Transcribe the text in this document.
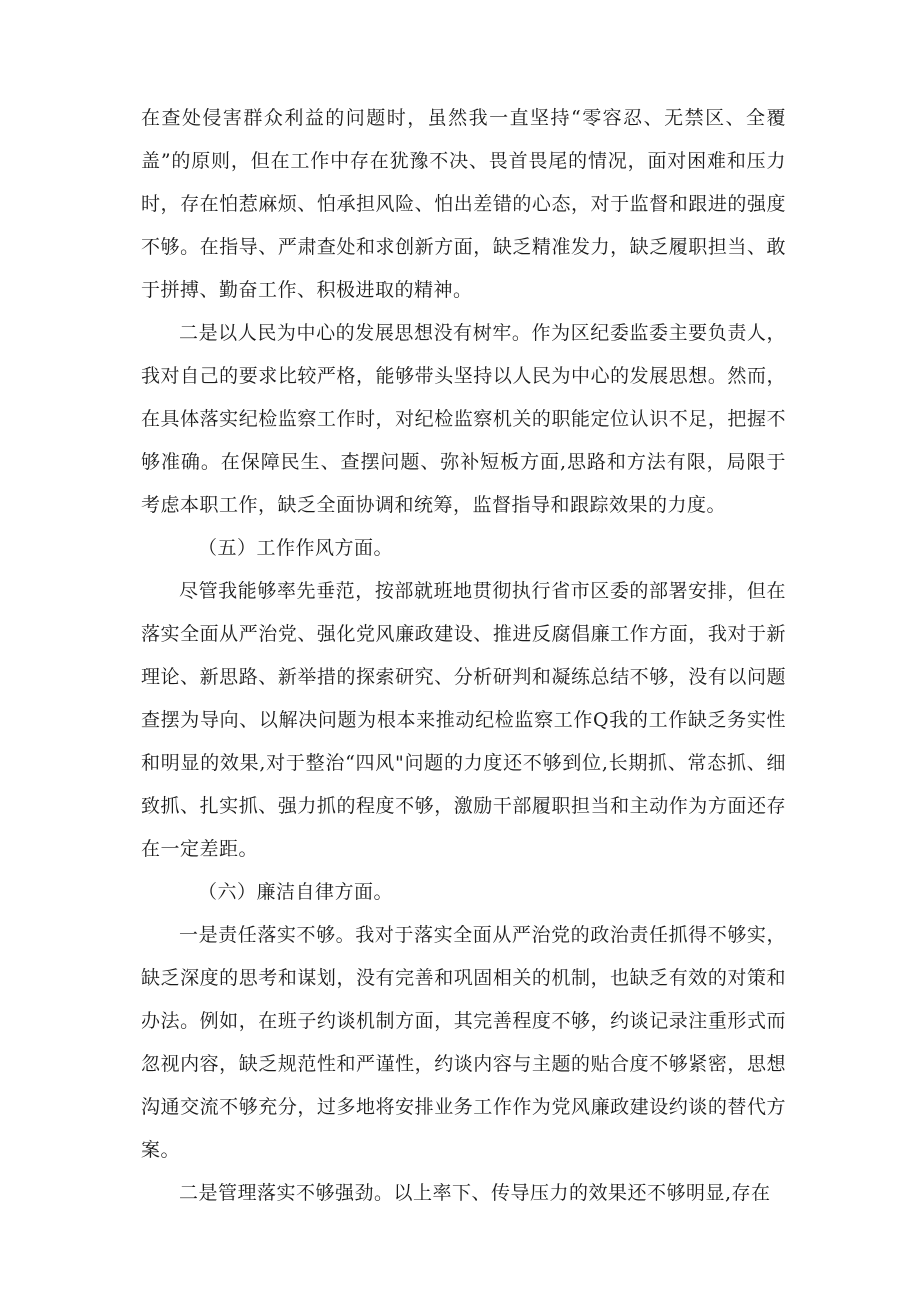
在查处侵害群众利益的问题时，虽然我一直坚持“零容忍、无禁区、全覆盖”的原则，但在工作中存在犹豫不决、畏首畏尾的情况，面对困难和压力时，存在怕惹麻烦、怕承担风险、怕出差错的心态，对于监督和跟进的强度不够。在指导、严肃查处和求创新方面，缺乏精准发力，缺乏履职担当、敢于拼搏、勤奋工作、积极进取的精神。

二是以人民为中心的发展思想没有树牢。作为区纪委监委主要负责人，我对自己的要求比较严格，能够带头坚持以人民为中心的发展思想。然而，在具体落实纪检监察工作时，对纪检监察机关的职能定位认识不足，把握不够准确。在保障民生、查摆问题、弥补短板方面,思路和方法有限，局限于考虑本职工作，缺乏全面协调和统筹，监督指导和跟踪效果的力度。

（五）工作作风方面。

尽管我能够率先垂范，按部就班地贯彻执行省市区委的部署安排，但在落实全面从严治党、强化党风廉政建设、推进反腐倡廉工作方面，我对于新理论、新思路、新举措的探索研究、分析研判和凝练总结不够，没有以问题查摆为导向、以解决问题为根本来推动纪检监察工作Q我的工作缺乏务实性和明显的效果,对于整治“四风"问题的力度还不够到位,长期抓、常态抓、细致抓、扎实抓、强力抓的程度不够，激励干部履职担当和主动作为方面还存在一定差距。

（六）廉洁自律方面。

一是责任落实不够。我对于落实全面从严治党的政治责任抓得不够实，缺乏深度的思考和谋划，没有完善和巩固相关的机制，也缺乏有效的对策和办法。例如，在班子约谈机制方面，其完善程度不够，约谈记录注重形式而忽视内容，缺乏规范性和严谨性，约谈内容与主题的贴合度不够紧密，思想沟通交流不够充分，过多地将安排业务工作作为党风廉政建设约谈的替代方案。

二是管理落实不够强劲。以上率下、传导压力的效果还不够明显,存在
